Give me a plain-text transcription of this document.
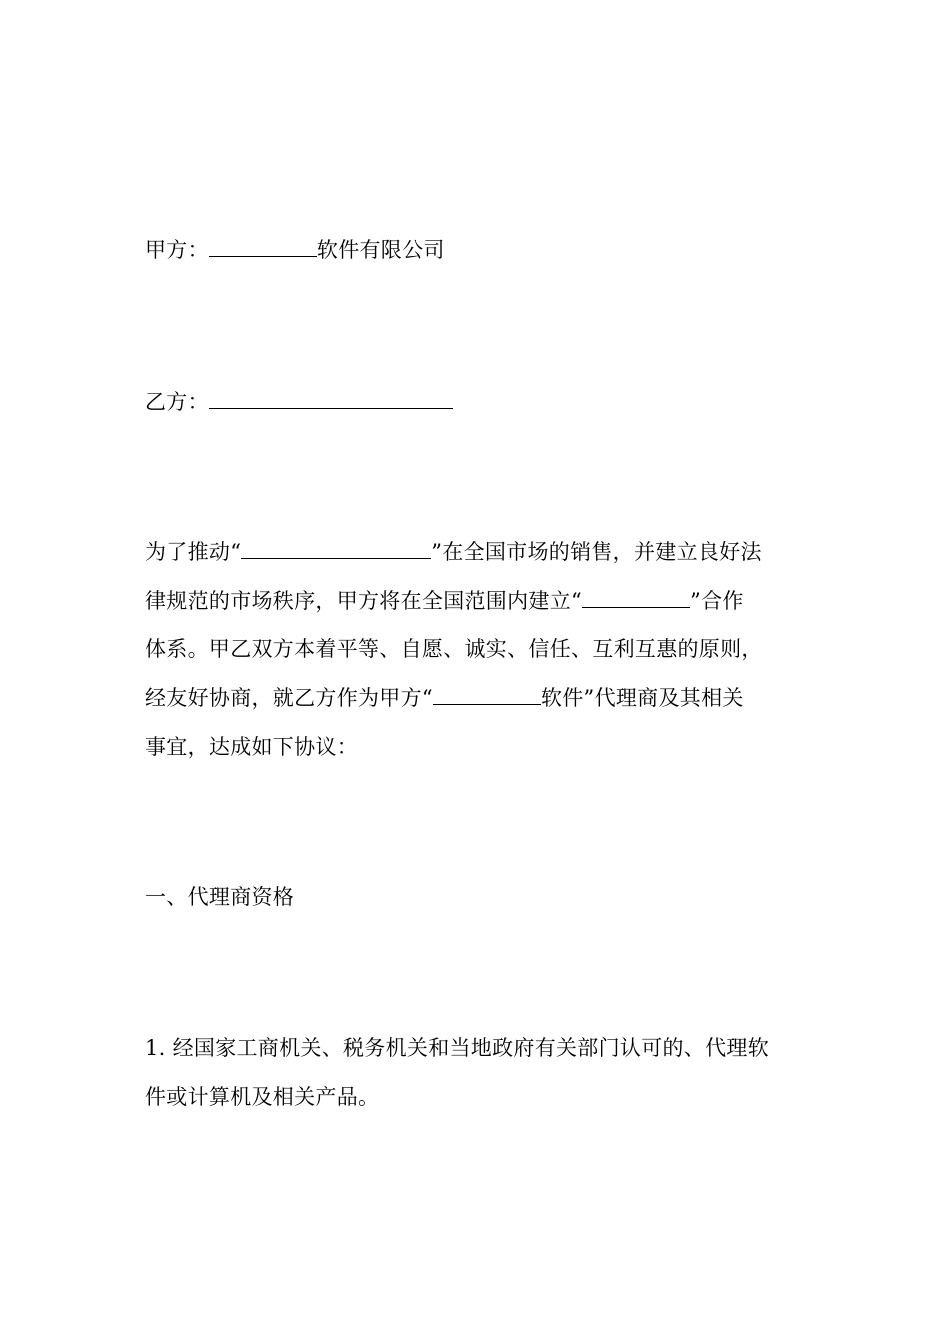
甲方：	软件有限公司
乙方：
为了推动“	”在全国市场的销售，并建立良好法
律规范的市场秩序，甲方将在全国范围内建立“	”合作
体系。甲乙双方本着平等、自愿、诚实、信任、互利互惠的原则，
经友好协商，就乙方作为甲方“	软件”代理商及其相关
事宜，达成如下协议：
一、代理商资格
1. 经国家工商机关、税务机关和当地政府有关部门认可的、代理软
件或计算机及相关产品。
